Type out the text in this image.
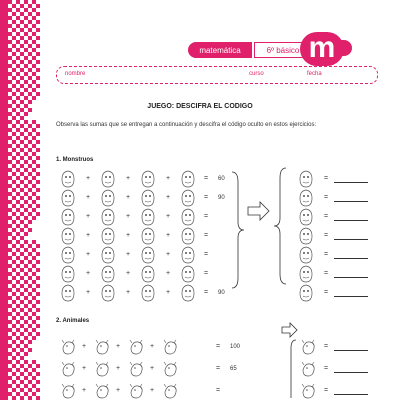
matemática	6º básico m
nombre	curso	fecha
JUEGO: DESCIFRA EL CODIGO
Observa las sumas que se entregan a continuación y descifra el código oculto en estos ejercicios:
1. Monstruos
+	+	+	= 60	=
+	+	+	= 90	=
+	+	+	=	=
+	+	+	=	=
+	+	+	=	=
+	+	+	=	=
+	+	+	= 90	=
2. Animales
+	+	+	= 100	=
+	+	+	= 65	=
+	+	+	=	=
